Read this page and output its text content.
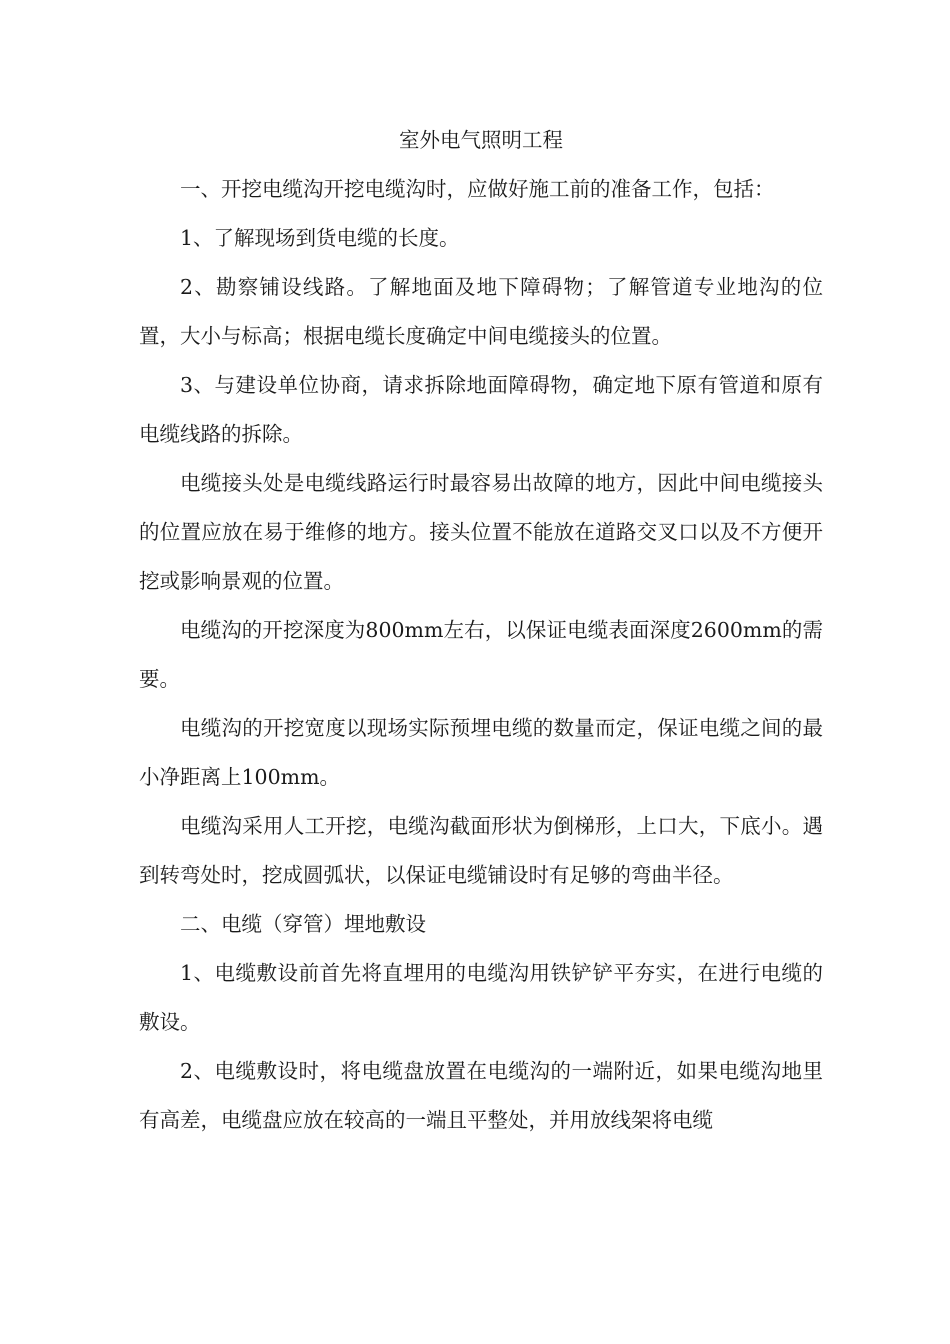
室外电气照明工程

一、开挖电缆沟开挖电缆沟时，应做好施工前的准备工作，包括：

1、了解现场到货电缆的长度。

2、勘察铺设线路。了解地面及地下障碍物；了解管道专业地沟的位置，大小与标高；根据电缆长度确定中间电缆接头的位置。

3、与建设单位协商，请求拆除地面障碍物，确定地下原有管道和原有电缆线路的拆除。

电缆接头处是电缆线路运行时最容易出故障的地方，因此中间电缆接头的位置应放在易于维修的地方。接头位置不能放在道路交叉口以及不方便开挖或影响景观的位置。

电缆沟的开挖深度为800mm左右，以保证电缆表面深度2600mm的需要。

电缆沟的开挖宽度以现场实际预埋电缆的数量而定，保证电缆之间的最小净距离上100mm。

电缆沟采用人工开挖，电缆沟截面形状为倒梯形，上口大，下底小。遇到转弯处时，挖成圆弧状，以保证电缆铺设时有足够的弯曲半径。

二、电缆（穿管）埋地敷设

1、电缆敷设前首先将直埋用的电缆沟用铁铲铲平夯实，在进行电缆的敷设。

2、电缆敷设时，将电缆盘放置在电缆沟的一端附近，如果电缆沟地里有高差，电缆盘应放在较高的一端且平整处，并用放线架将电缆
